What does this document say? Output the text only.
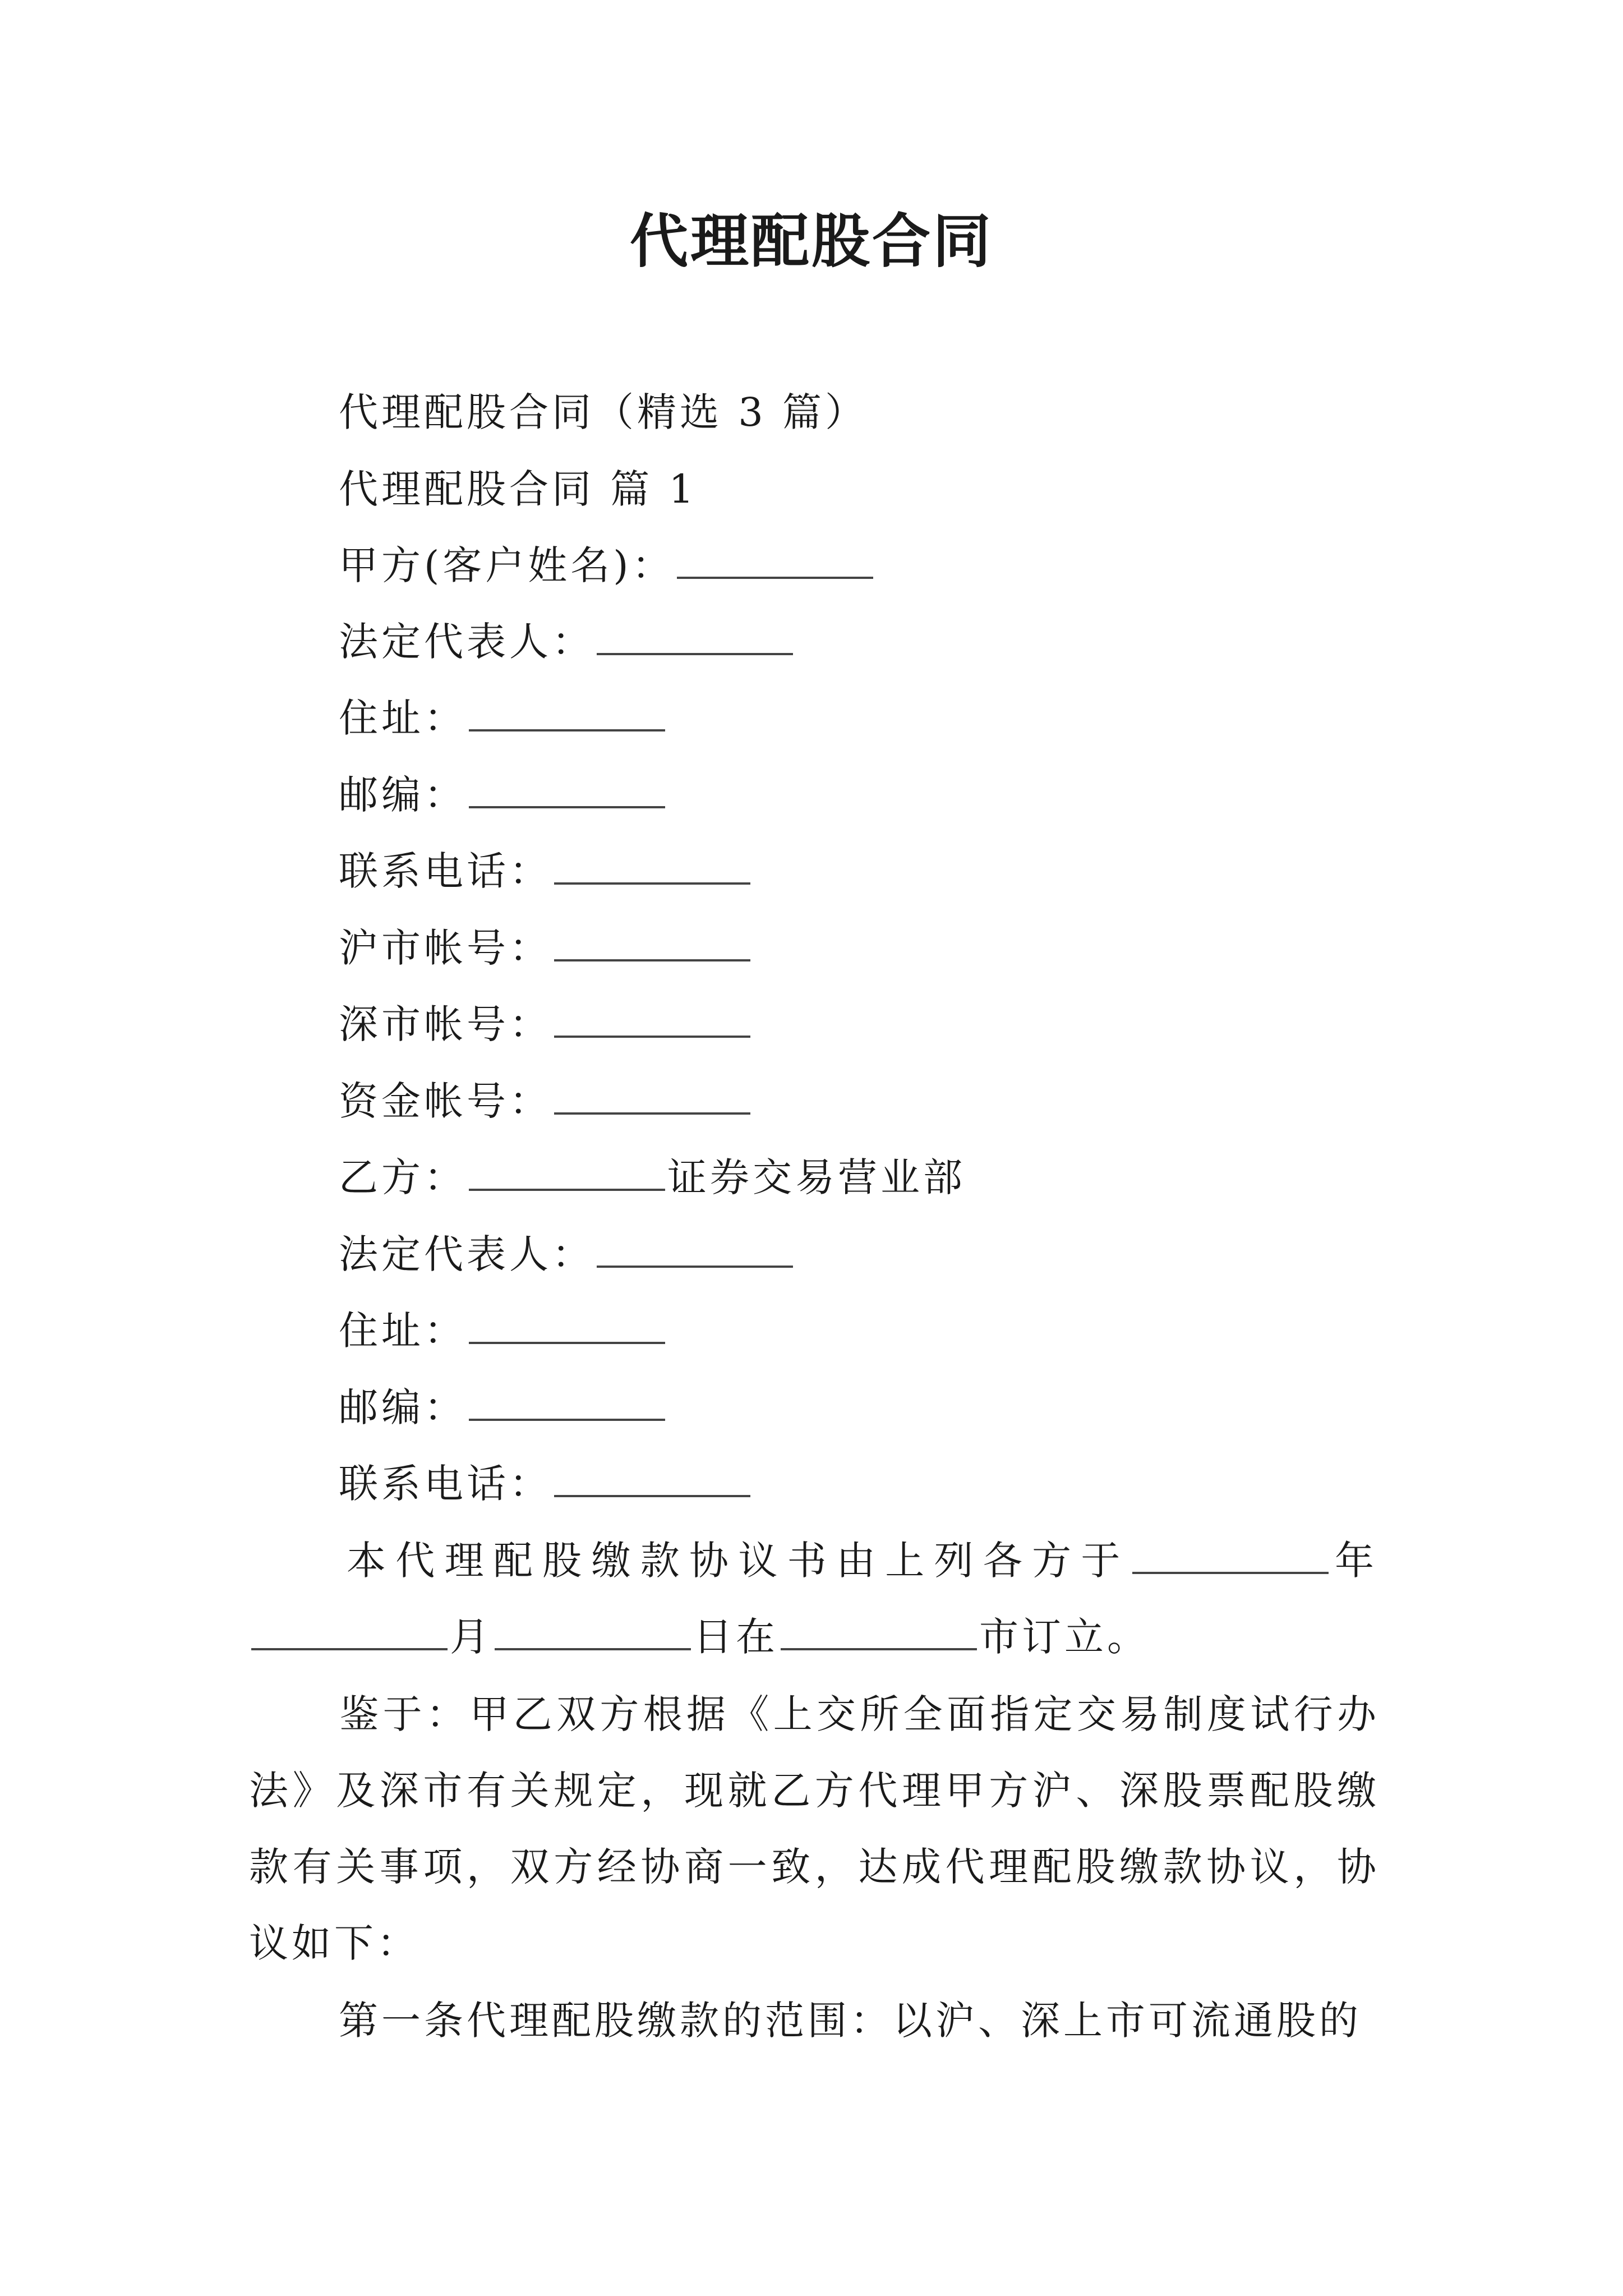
代理配股合同
代理配股合同（精选 3 篇）
代理配股合同 篇 1
甲方(客户姓名)：
法定代表人：
住址：
邮编：
联系电话：
沪市帐号：
深市帐号：
资金帐号：
乙方：	证券交易营业部
法定代表人：
住址：
邮编：
联系电话：
本代理配股缴款协议书由上列各方于	年
月	日在	市订立。
鉴于：甲乙双方根据《上交所全面指定交易制度试行办法》及深市有关规定，现就乙方代理甲方沪、深股票配股缴款有关事项，双方经协商一致，达成代理配股缴款协议，协议如下：
第一条代理配股缴款的范围：以沪、深上市可流通股的
